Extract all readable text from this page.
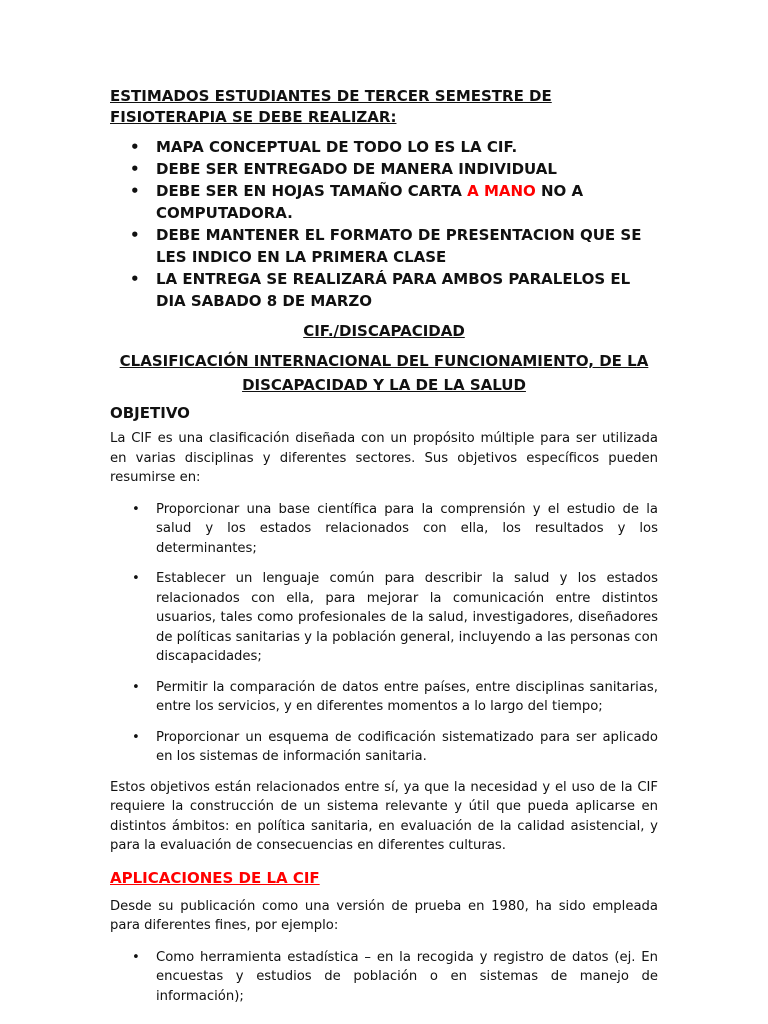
ESTIMADOS ESTUDIANTES DE TERCER SEMESTRE DE FISIOTERAPIA SE DEBE REALIZAR:
• MAPA CONCEPTUAL DE TODO LO ES LA CIF.
• DEBE SER ENTREGADO DE MANERA INDIVIDUAL
• DEBE SER EN HOJAS TAMAÑO CARTA A MANO NO A COMPUTADORA.
• DEBE MANTENER EL FORMATO DE PRESENTACION QUE SE LES INDICO EN LA PRIMERA CLASE
• LA ENTREGA SE REALIZARÁ PARA AMBOS PARALELOS EL DIA SABADO 8 DE MARZO
CIF./DISCAPACIDAD
CLASIFICACIÓN INTERNACIONAL DEL FUNCIONAMIENTO, DE LA DISCAPACIDAD Y LA DE LA SALUD
OBJETIVO

La CIF es una clasificación diseñada con un propósito múltiple para ser utilizada en varias disciplinas y diferentes sectores. Sus objetivos específicos pueden resumirse en:

• Proporcionar una base científica para la comprensión y el estudio de la salud y los estados relacionados con ella, los resultados y los determinantes;
• Establecer un lenguaje común para describir la salud y los estados relacionados con ella, para mejorar la comunicación entre distintos usuarios, tales como profesionales de la salud, investigadores, diseñadores de políticas sanitarias y la población general, incluyendo a las personas con discapacidades;
• Permitir la comparación de datos entre países, entre disciplinas sanitarias, entre los servicios, y en diferentes momentos a lo largo del tiempo;
• Proporcionar un esquema de codificación sistematizado para ser aplicado en los sistemas de información sanitaria.

Estos objetivos están relacionados entre sí, ya que la necesidad y el uso de la CIF requiere la construcción de un sistema relevante y útil que pueda aplicarse en distintos ámbitos: en política sanitaria, en evaluación de la calidad asistencial, y para la evaluación de consecuencias en diferentes culturas.

APLICACIONES DE LA CIF

Desde su publicación como una versión de prueba en 1980, ha sido empleada para diferentes fines, por ejemplo:

• Como herramienta estadística – en la recogida y registro de datos (ej. En encuestas y estudios de población o en sistemas de manejo de información);
